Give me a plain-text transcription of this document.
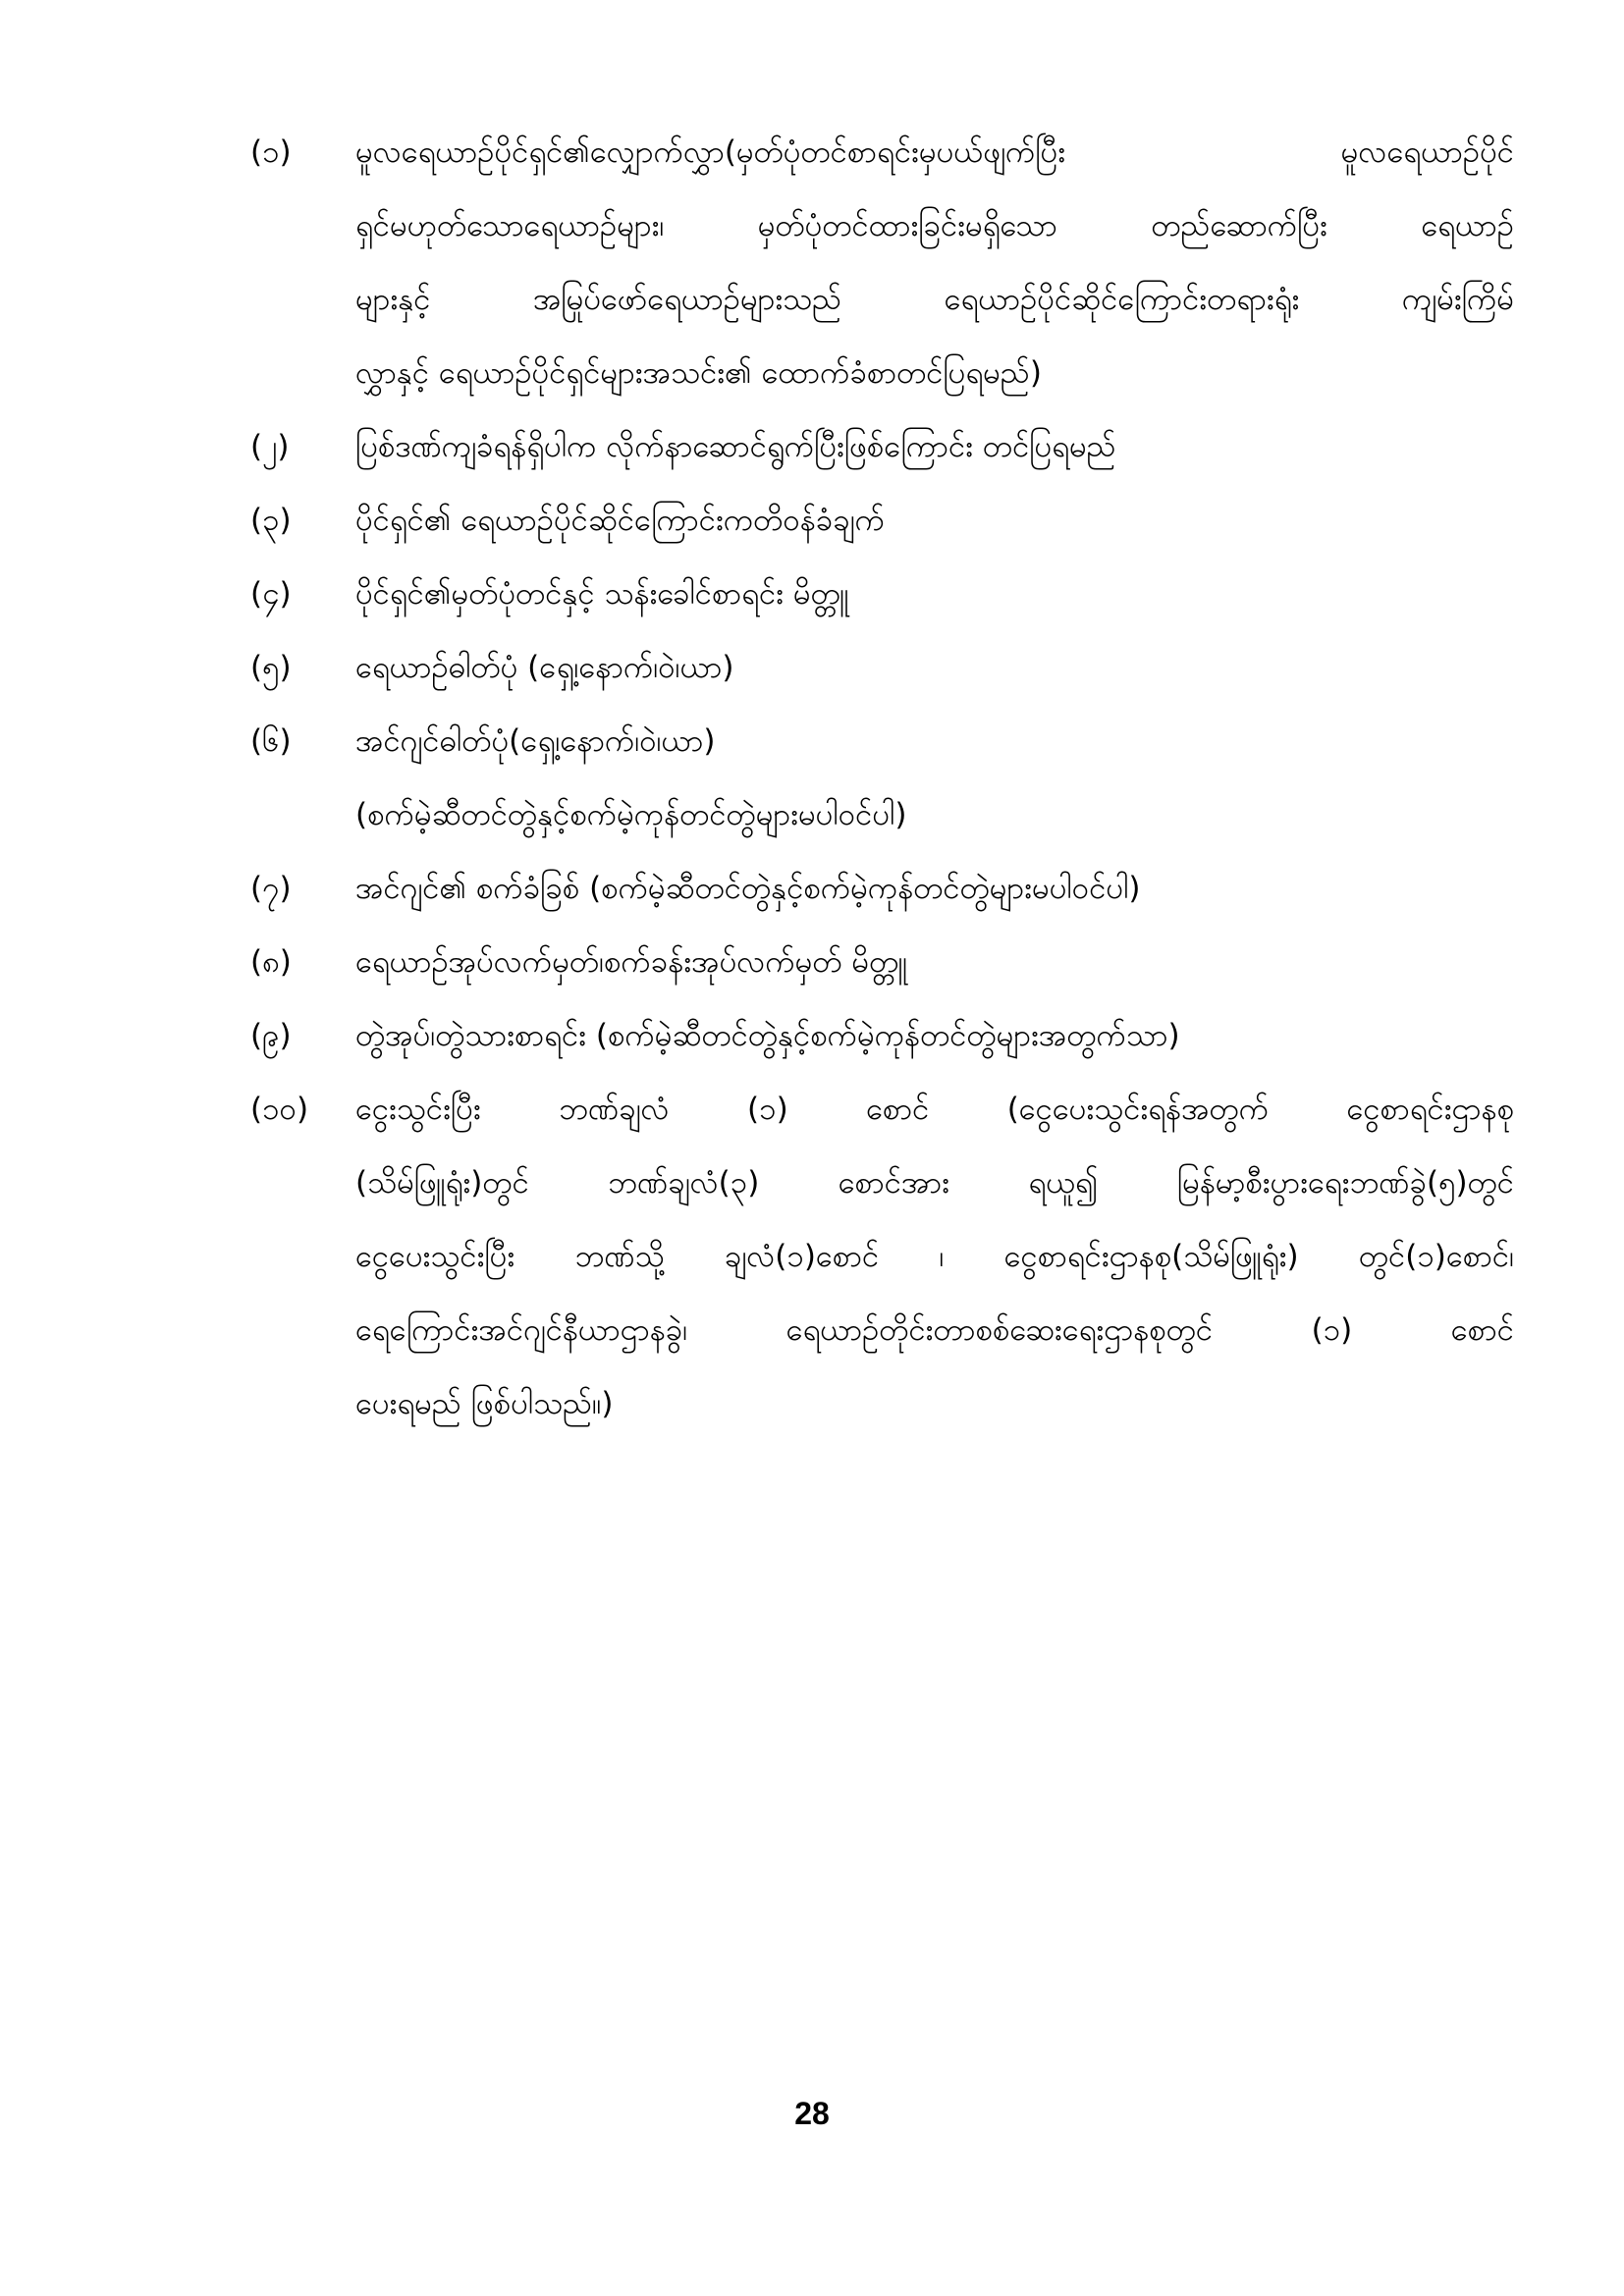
(၁)	မူလရေယာဉ်ပိုင်ရှင်၏လျှောက်လွှာ(မှတ်ပုံတင်စာရင်းမှပယ်ဖျက်ပြီး မူလရေယာဉ်ပိုင်
ရှင်မဟုတ်သောရေယာဉ်များ၊ မှတ်ပုံတင်ထားခြင်းမရှိသော တည်ဆောက်ပြီး ရေယာဉ်
များနှင့် အမြုပ်ဖော်ရေယာဉ်များသည် ရေယာဉ်ပိုင်ဆိုင်ကြောင်းတရားရုံး ကျမ်းကြိမ်
လွှာနှင့် ရေယာဉ်ပိုင်ရှင်များအသင်း၏ ထောက်ခံစာတင်ပြရမည်)
(၂)	ပြစ်ဒဏ်ကျခံရန်ရှိပါက လိုက်နာဆောင်ရွက်ပြီးဖြစ်ကြောင်း တင်ပြရမည်
(၃)	ပိုင်ရှင်၏ ရေယာဉ်ပိုင်ဆိုင်ကြောင်းကတိဝန်ခံချက်
(၄)	ပိုင်ရှင်၏မှတ်ပုံတင်နှင့် သန်းခေါင်စာရင်း မိတ္တူ
(၅)	ရေယာဉ်ဓါတ်ပုံ (ရှေ့၊နောက်၊ဝဲ၊ယာ)
(၆)	အင်ဂျင်ဓါတ်ပုံ(ရှေ့၊နောက်၊ဝဲ၊ယာ)
(စက်မဲ့ဆီတင်တွဲနှင့်စက်မဲ့ကုန်တင်တွဲများမပါဝင်ပါ)
(၇)	အင်ဂျင်၏ စက်ခံခြစ် (စက်မဲ့ဆီတင်တွဲနှင့်စက်မဲ့ကုန်တင်တွဲများမပါဝင်ပါ)
(၈)	ရေယာဉ်အုပ်လက်မှတ်၊စက်ခန်းအုပ်လက်မှတ် မိတ္တူ
(၉)	တွဲအုပ်၊တွဲသားစာရင်း (စက်မဲ့ဆီတင်တွဲနှင့်စက်မဲ့ကုန်တင်တွဲများအတွက်သာ)
(၁၀)	ငွေးသွင်းပြီး ဘဏ်ချလံ (၁) စောင် (ငွေပေးသွင်းရန်အတွက် ငွေစာရင်းဌာနစု
(သိမ်ဖြူရုံး)တွင် ဘဏ်ချလံ(၃) စောင်အား ရယူ၍ မြန်မာ့စီးပွားရေးဘဏ်ခွဲ(၅)တွင်
ငွေပေးသွင်းပြီး ဘဏ်သို့ ချလံ(၁)စောင် ၊ ငွေစာရင်းဌာနစု(သိမ်ဖြူရုံး) တွင်(၁)စောင်၊
ရေကြောင်းအင်ဂျင်နီယာဌာနခွဲ၊ ရေယာဉ်တိုင်းတာစစ်ဆေးရေးဌာနစုတွင် (၁) စောင်
ပေးရမည် ဖြစ်ပါသည်။)
28
